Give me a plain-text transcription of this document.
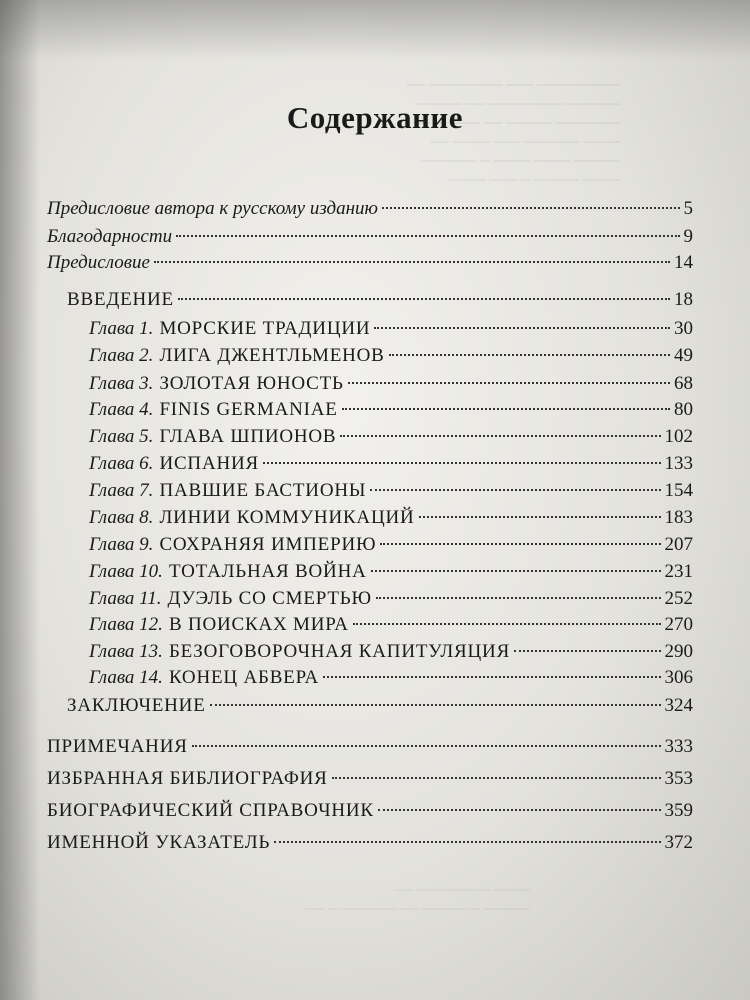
───────── ─── ──────── ──
────── ──────── ── ─────
─────── ───── ── ───── ──
──── ────── ─── ──── ──
───── ──── ──── ─ ──────
──── ───── ─ ─── ────
Содержание
Предисловие автора к русскому изданию	5
Благодарности	9
Предисловие	14
ВВЕДЕНИЕ	18
Глава 1. МОРСКИЕ ТРАДИЦИИ	30
Глава 2. ЛИГА ДЖЕНТЛЬМЕНОВ	49
Глава 3. ЗОЛОТАЯ ЮНОСТЬ	68
Глава 4. FINIS GERMANIAE	80
Глава 5. ГЛАВА ШПИОНОВ	102
Глава 6. ИСПАНИЯ	133
Глава 7. ПАВШИЕ БАСТИОНЫ	154
Глава 8. ЛИНИИ КОММУНИКАЦИЙ	183
Глава 9. СОХРАНЯЯ ИМПЕРИЮ	207
Глава 10. ТОТАЛЬНАЯ ВОЙНА	231
Глава 11. ДУЭЛЬ СО СМЕРТЬЮ	252
Глава 12. В ПОИСКАХ МИРА	270
Глава 13. БЕЗОГОВОРОЧНАЯ КАПИТУЛЯЦИЯ	290
Глава 14. КОНЕЦ АБВЕРА	306
ЗАКЛЮЧЕНИЕ	324
ПРИМЕЧАНИЯ	333
ИЗБРАННАЯ БИБЛИОГРАФИЯ	353
БИОГРАФИЧЕСКИЙ СПРАВОЧНИК	359
ИМЕННОЙ УКАЗАТЕЛЬ	372
──── ──────── ──
───── ─ ───── ── ────── ─ ──
